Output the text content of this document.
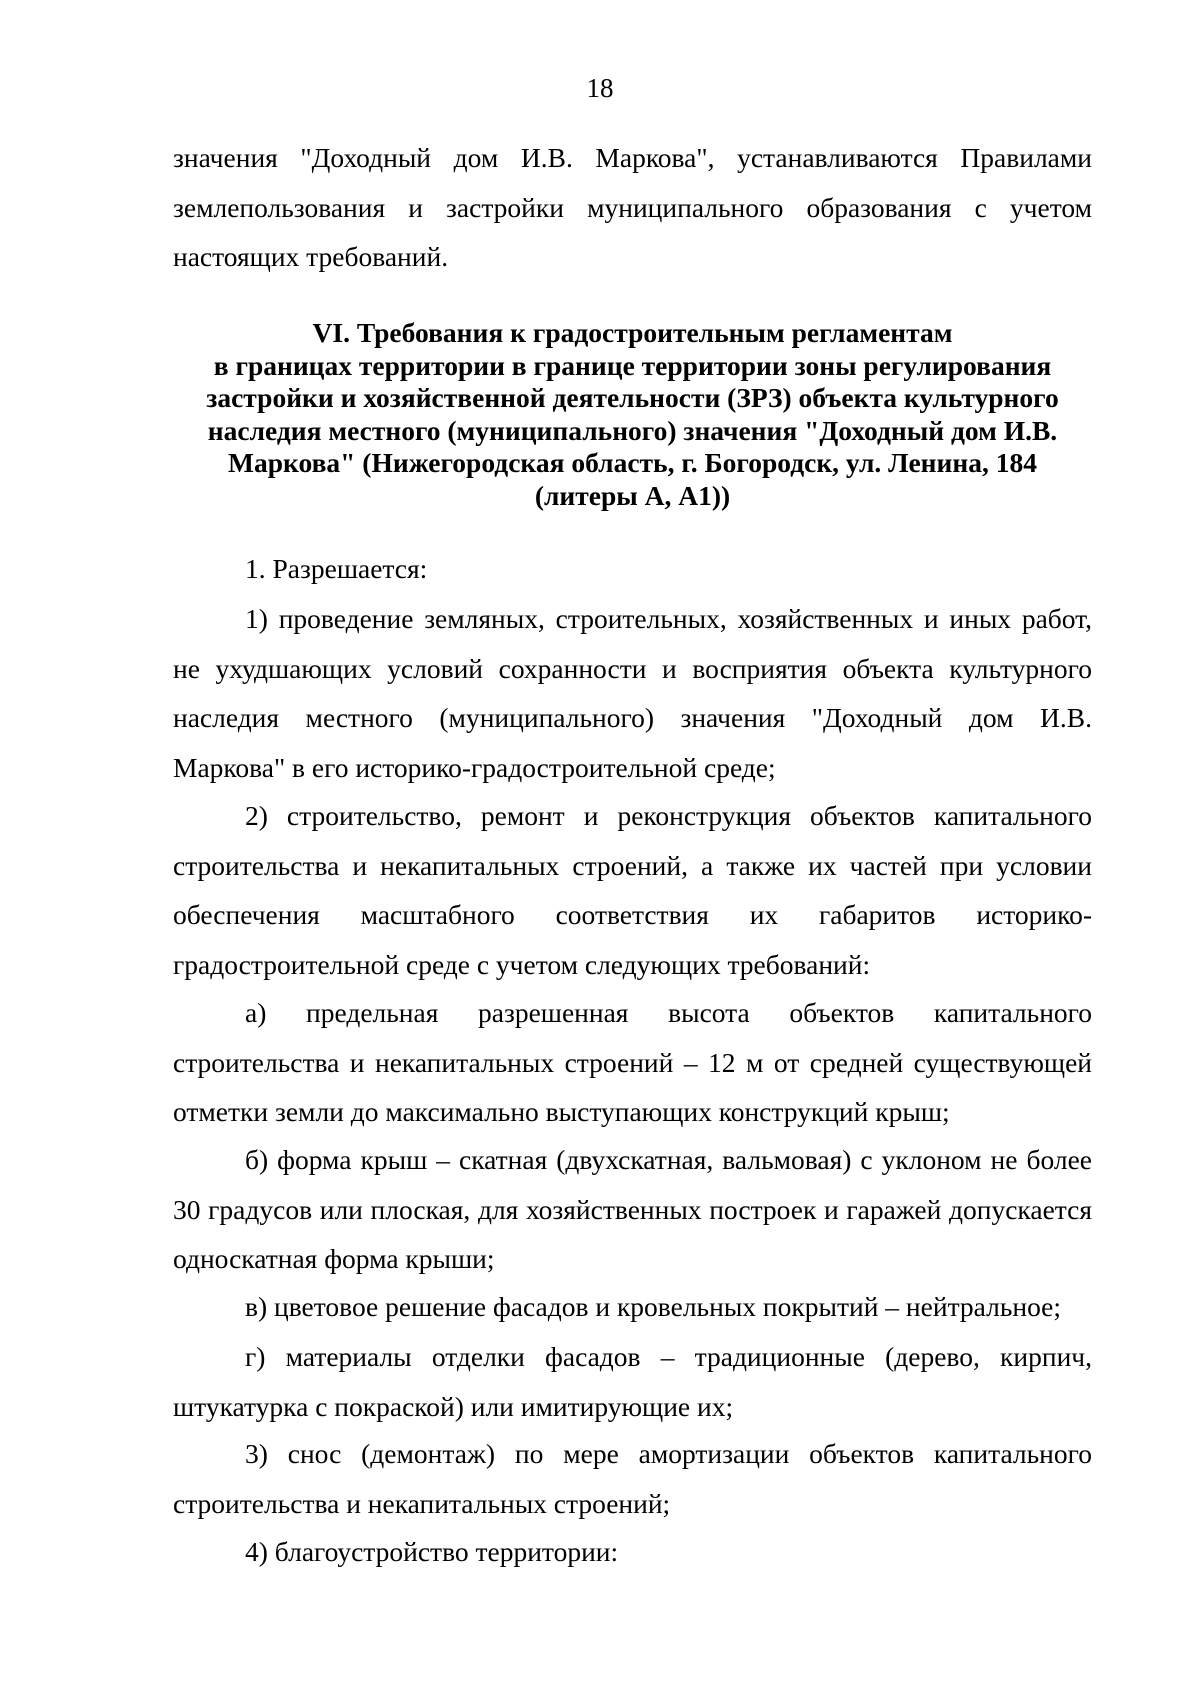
18

значения "Доходный дом И.В. Маркова", устанавливаются Правилами землепользования и застройки муниципального образования с учетом настоящих требований.

VI. Требования к градостроительным регламентам
в границах территории в границе территории зоны регулирования
застройки и хозяйственной деятельности (ЗРЗ) объекта культурного
наследия местного (муниципального) значения "Доходный дом И.В.
Маркова" (Нижегородская область, г. Богородск, ул. Ленина, 184
(литеры А, А1))

1. Разрешается:

1) проведение земляных, строительных, хозяйственных и иных работ, не ухудшающих условий сохранности и восприятия объекта культурного наследия местного (муниципального) значения "Доходный дом И.В. Маркова" в его историко-градостроительной среде;

2) строительство, ремонт и реконструкция объектов капитального строительства и некапитальных строений, а также их частей при условии обеспечения масштабного соответствия их габаритов историко-градостроительной среде с учетом следующих требований:

а) предельная разрешенная высота объектов капитального строительства и некапитальных строений – 12 м от средней существующей отметки земли до максимально выступающих конструкций крыш;

б) форма крыш – скатная (двухскатная, вальмовая) с уклоном не более 30 градусов или плоская, для хозяйственных построек и гаражей допускается односкатная форма крыши;

в) цветовое решение фасадов и кровельных покрытий – нейтральное;

г) материалы отделки фасадов – традиционные (дерево, кирпич, штукатурка с покраской) или имитирующие их;

3) снос (демонтаж) по мере амортизации объектов капитального строительства и некапитальных строений;

4) благоустройство территории:
